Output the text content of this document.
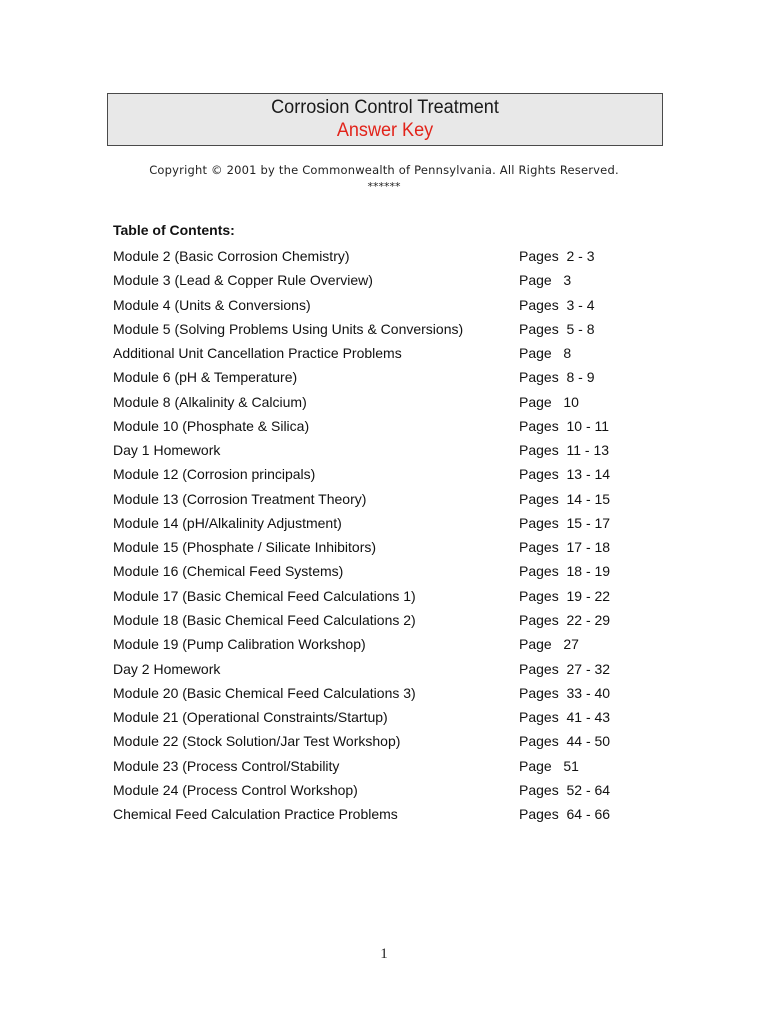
Corrosion Control Treatment
Answer Key
Copyright © 2001 by the Commonwealth of Pennsylvania. All Rights Reserved.
******
Table of Contents:
Module 2 (Basic Corrosion Chemistry)	Pages  2 - 3
Module 3 (Lead & Copper Rule Overview)	Page   3
Module 4 (Units & Conversions)	Pages  3 - 4
Module 5 (Solving Problems Using Units & Conversions)	Pages  5 - 8
Additional Unit Cancellation Practice Problems	Page   8
Module 6 (pH & Temperature)	Pages  8 - 9
Module 8 (Alkalinity & Calcium)	Page   10
Module 10 (Phosphate & Silica)	Pages  10 - 11
Day 1 Homework	Pages  11 - 13
Module 12 (Corrosion principals)	Pages  13 - 14
Module 13 (Corrosion Treatment Theory)	Pages  14 - 15
Module 14 (pH/Alkalinity Adjustment)	Pages  15 - 17
Module 15 (Phosphate / Silicate Inhibitors)	Pages  17 - 18
Module 16 (Chemical Feed Systems)	Pages  18 - 19
Module 17 (Basic Chemical Feed Calculations 1)	Pages  19 - 22
Module 18 (Basic Chemical Feed Calculations 2)	Pages  22 - 29
Module 19 (Pump Calibration Workshop)	Page   27
Day 2 Homework	Pages  27 - 32
Module 20 (Basic Chemical Feed Calculations 3)	Pages  33 - 40
Module 21 (Operational Constraints/Startup)	Pages  41 - 43
Module 22 (Stock Solution/Jar Test Workshop)	Pages  44 - 50
Module 23 (Process Control/Stability	Page   51
Module 24 (Process Control Workshop)	Pages  52 - 64
Chemical Feed Calculation Practice Problems	Pages  64 - 66
1
